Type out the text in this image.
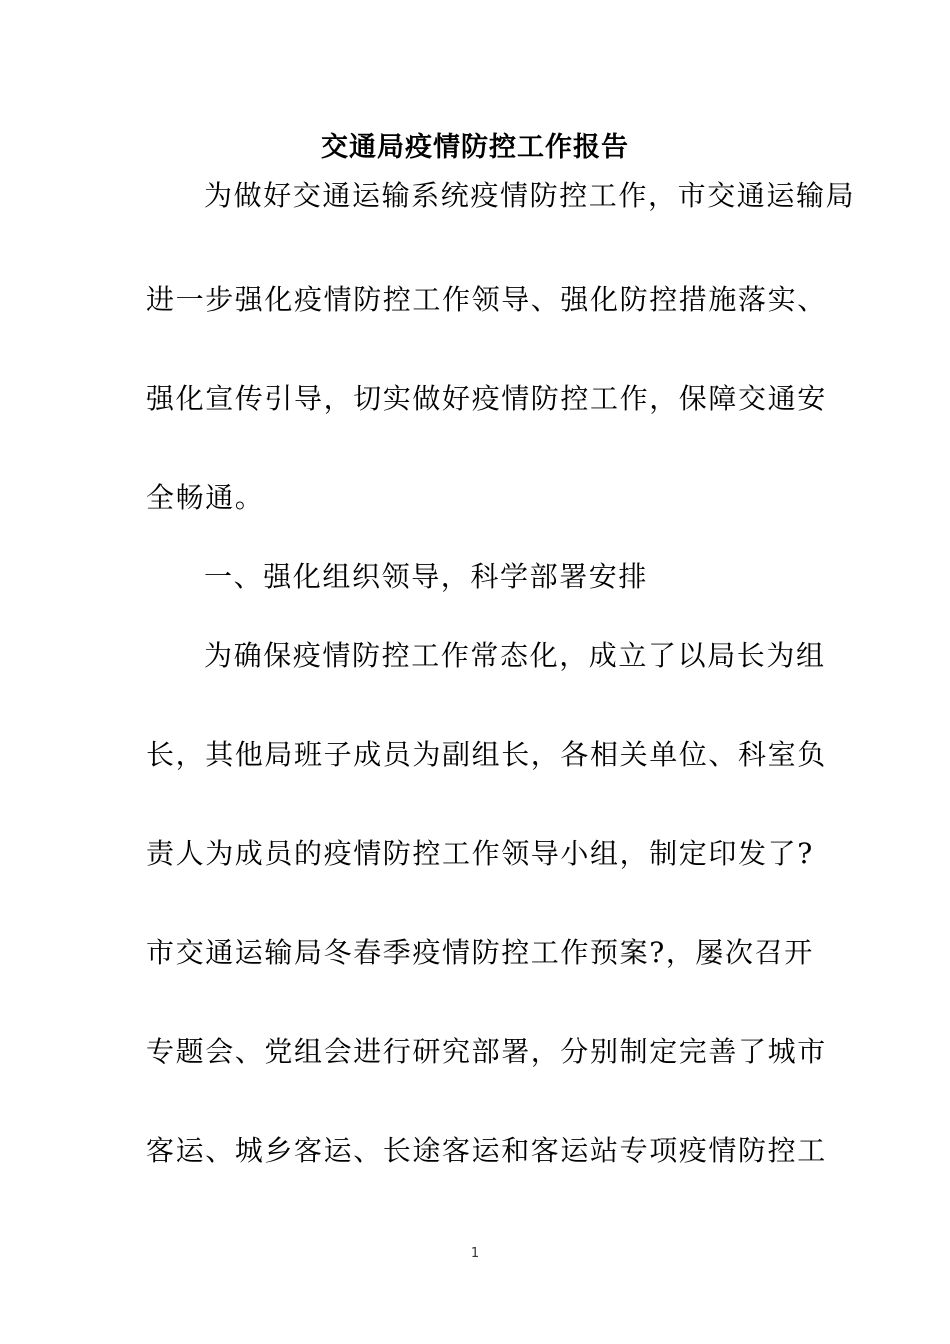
交通局疫情防控工作报告
为做好交通运输系统疫情防控工作，市交通运输局
进一步强化疫情防控工作领导、强化防控措施落实、
强化宣传引导，切实做好疫情防控工作，保障交通安
全畅通。
一、强化组织领导，科学部署安排
为确保疫情防控工作常态化，成立了以局长为组
长，其他局班子成员为副组长，各相关单位、科室负
责人为成员的疫情防控工作领导小组，制定印发了?
市交通运输局冬春季疫情防控工作预案?，屡次召开
专题会、党组会进行研究部署，分别制定完善了城市
客运、城乡客运、长途客运和客运站专项疫情防控工
1
